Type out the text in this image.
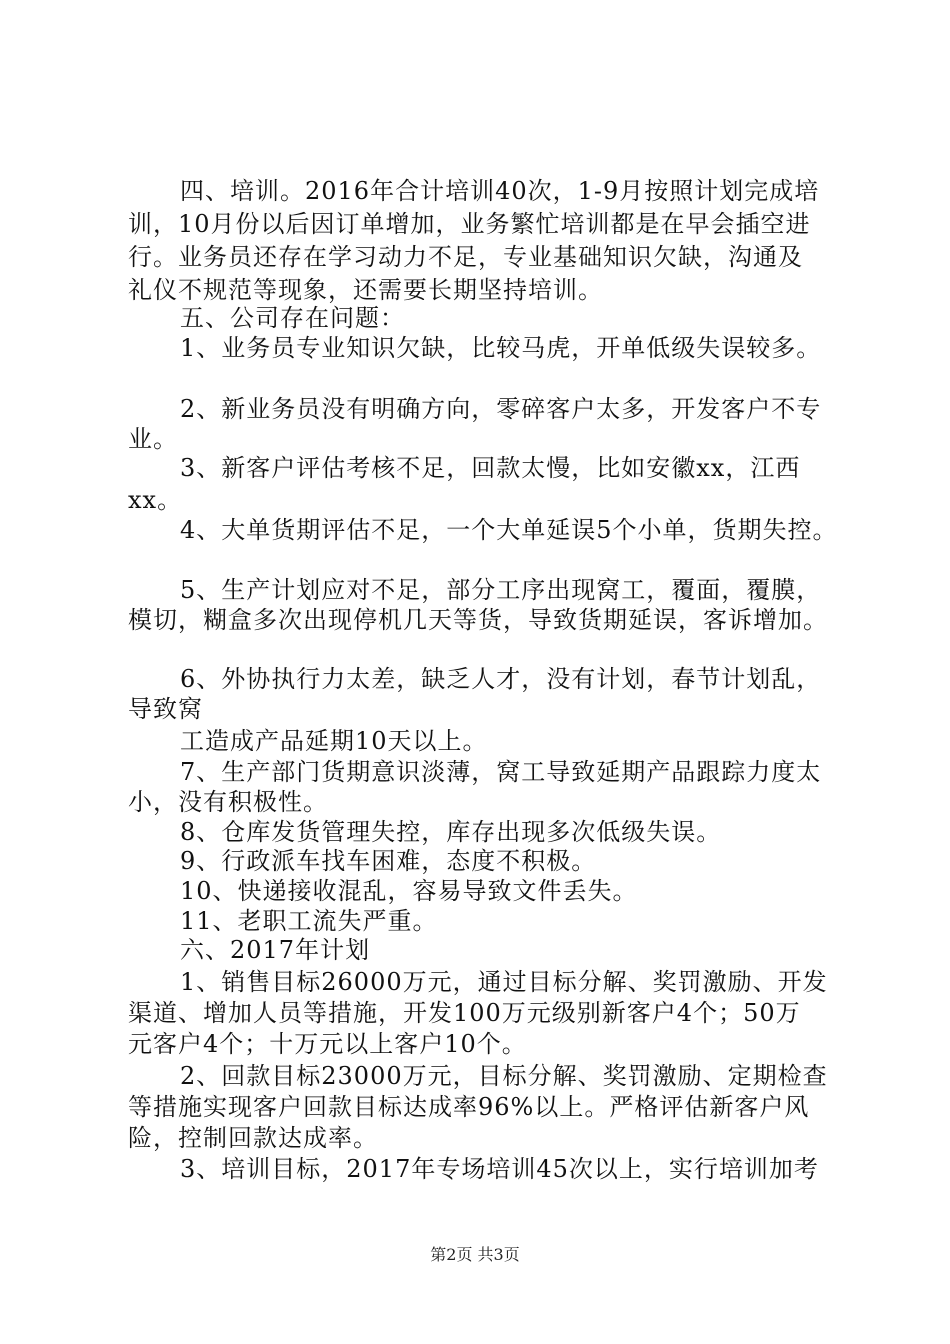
四、培训。2016年合计培训40次，1-9月按照计划完成培
训，10月份以后因订单增加，业务繁忙培训都是在早会插空进
行。业务员还存在学习动力不足，专业基础知识欠缺，沟通及
礼仪不规范等现象，还需要长期坚持培训。
五、公司存在问题：
1、业务员专业知识欠缺，比较马虎，开单低级失误较多。
2、新业务员没有明确方向，零碎客户太多，开发客户不专
业。
3、新客户评估考核不足，回款太慢，比如安徽xx，江西
xx。
4、大单货期评估不足，一个大单延误5个小单，货期失控。
5、生产计划应对不足，部分工序出现窝工，覆面，覆膜，
模切，糊盒多次出现停机几天等货，导致货期延误，客诉增加。
6、外协执行力太差，缺乏人才，没有计划，春节计划乱，
导致窝
工造成产品延期10天以上。
7、生产部门货期意识淡薄，窝工导致延期产品跟踪力度太
小，没有积极性。
8、仓库发货管理失控，库存出现多次低级失误。
9、行政派车找车困难，态度不积极。
10、快递接收混乱，容易导致文件丢失。
11、老职工流失严重。
六、2017年计划
1、销售目标26000万元，通过目标分解、奖罚激励、开发
渠道、增加人员等措施，开发100万元级别新客户4个；50万
元客户4个；十万元以上客户10个。
2、回款目标23000万元，目标分解、奖罚激励、定期检查
等措施实现客户回款目标达成率96%以上。严格评估新客户风
险，控制回款达成率。
3、培训目标，2017年专场培训45次以上，实行培训加考
第2页 共3页
